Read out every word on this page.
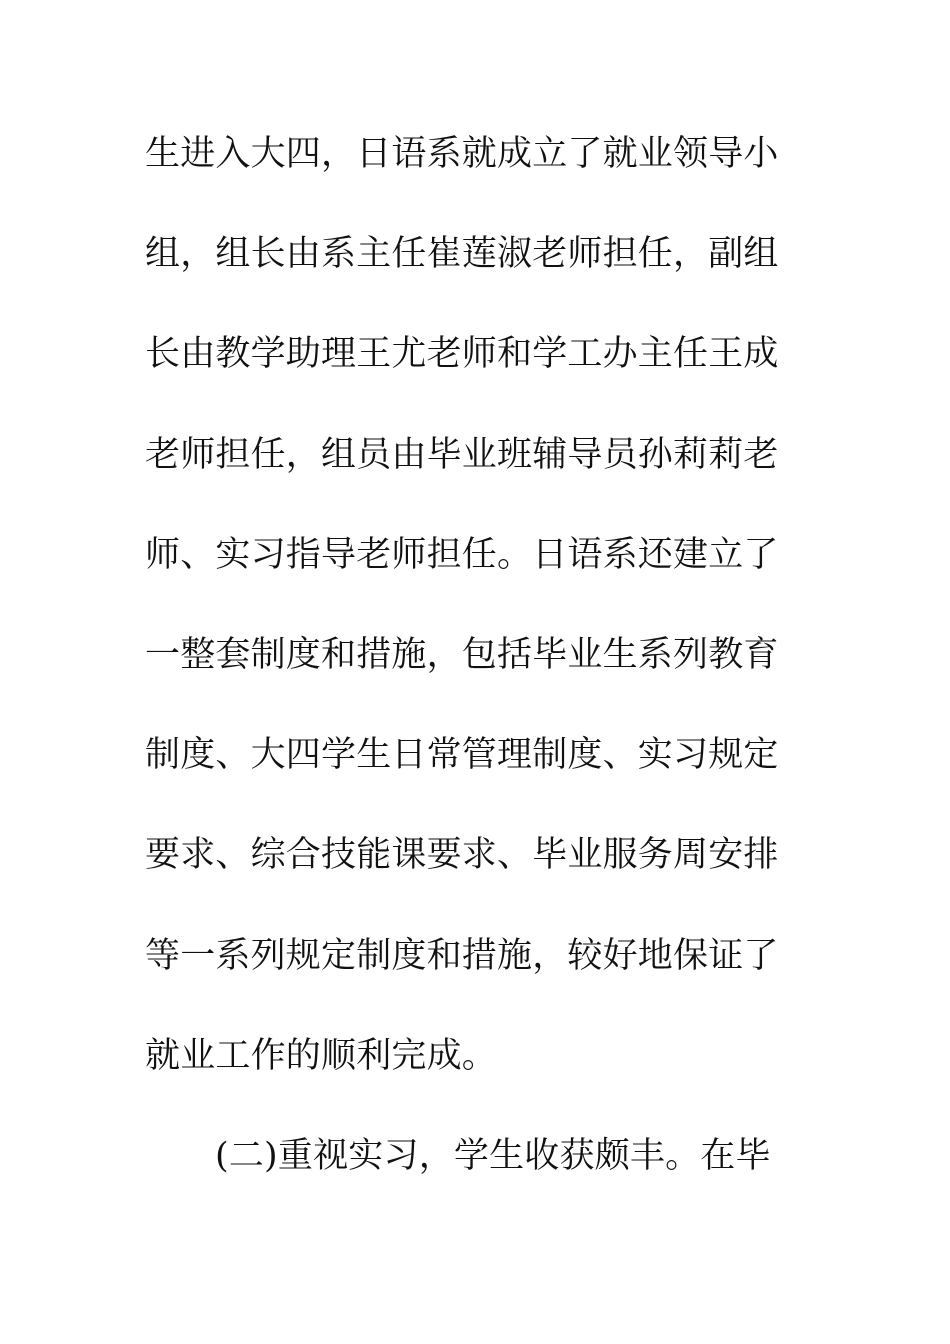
生进入大四，日语系就成立了就业领导小
组，组长由系主任崔莲淑老师担任，副组
长由教学助理王尤老师和学工办主任王成
老师担任，组员由毕业班辅导员孙莉莉老
师、实习指导老师担任。日语系还建立了
一整套制度和措施，包括毕业生系列教育
制度、大四学生日常管理制度、实习规定
要求、综合技能课要求、毕业服务周安排
等一系列规定制度和措施，较好地保证了
就业工作的顺利完成。
(二)重视实习，学生收获颇丰。在毕
